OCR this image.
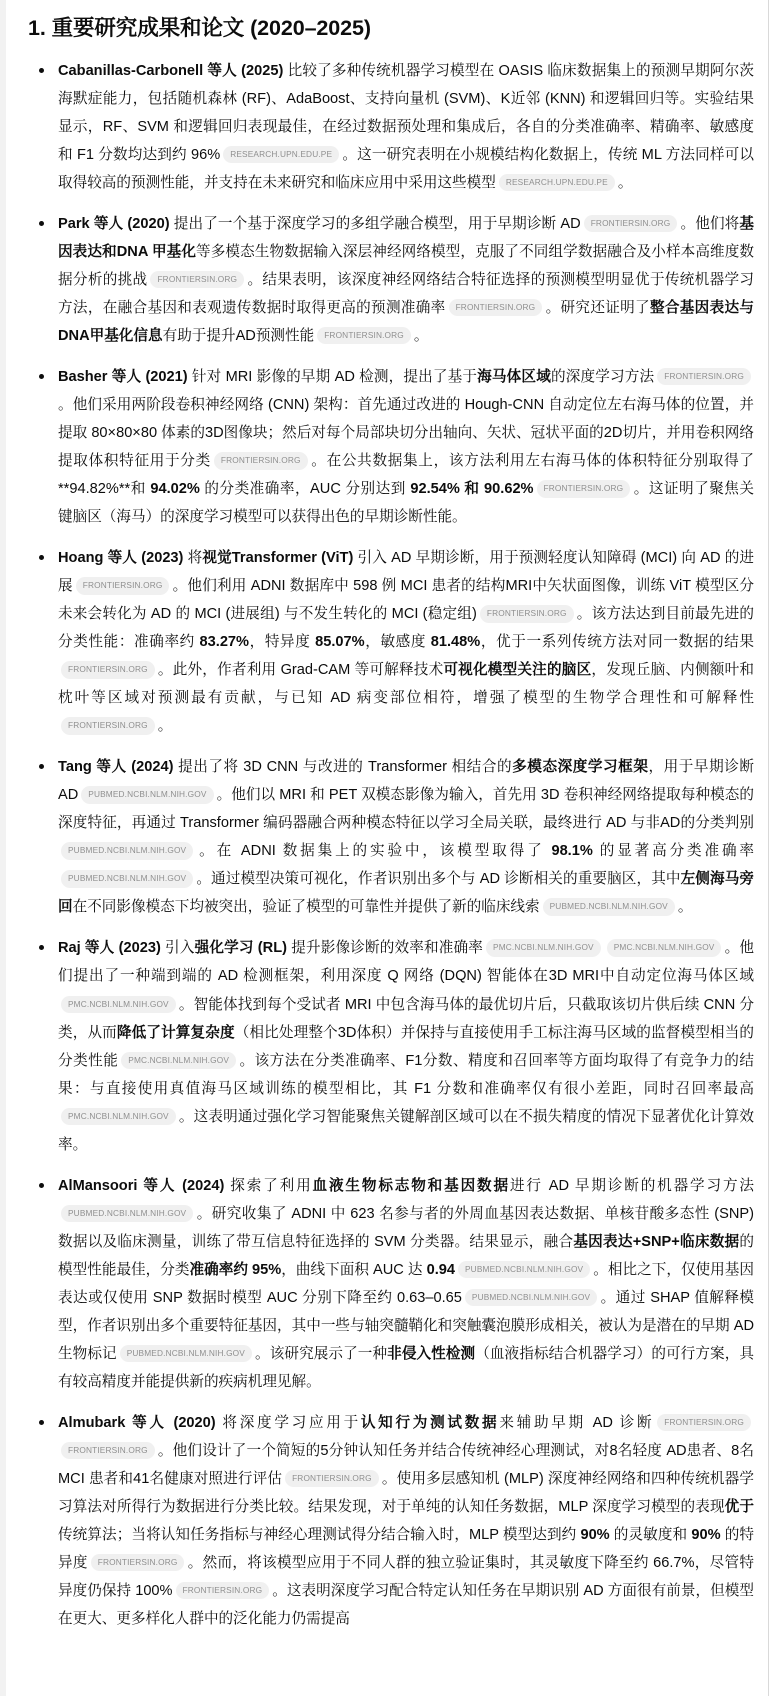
1. 重要研究成果和论文 (2020–2025)
Cabanillas-Carbonell 等人 (2025) 比较了多种传统机器学习模型在 OASIS 临床数据集上的预测早期阿尔茨海默症能力，包括随机森林 (RF)、AdaBoost、支持向量机 (SVM)、K近邻 (KNN) 和逻辑回归等。实验结果显示，RF、SVM 和逻辑回归表现最佳，在经过数据预处理和集成后，各自的分类准确率、精确率、敏感度和 F1 分数均达到约 96% RESEARCH.UPN.EDU.PE 。这一研究表明在小规模结构化数据上，传统 ML 方法同样可以取得较高的预测性能，并支持在未来研究和临床应用中采用这些模型 RESEARCH.UPN.EDU.PE 。
Park 等人 (2020) 提出了一个基于深度学习的多组学融合模型，用于早期诊断 AD FRONTIERSIN.ORG 。他们将基因表达和DNA 甲基化等多模态生物数据输入深层神经网络模型，克服了不同组学数据融合及小样本高维度数据分析的挑战 FRONTIERSIN.ORG 。结果表明，该深度神经网络结合特征选择的预测模型明显优于传统机器学习方法，在融合基因和表观遗传数据时取得更高的预测准确率 FRONTIERSIN.ORG 。研究还证明了整合基因表达与DNA甲基化信息有助于提升AD预测性能 FRONTIERSIN.ORG 。
Basher 等人 (2021) 针对 MRI 影像的早期 AD 检测，提出了基于海马体区域的深度学习方法 FRONTIERSIN.ORG。他们采用两阶段卷积神经网络 (CNN) 架构：首先通过改进的 Hough-CNN 自动定位左右海马体的位置，并提取 80×80×80 体素的3D图像块；然后对每个局部块切分出轴向、矢状、冠状平面的2D切片，并用卷积网络提取体积特征用于分类 FRONTIERSIN.ORG 。在公共数据集上，该方法利用左右海马体的体积特征分别取得了 **94.82%**和 94.02% 的分类准确率，AUC 分别达到 92.54% 和 90.62% FRONTIERSIN.ORG 。这证明了聚焦关键脑区（海马）的深度学习模型可以获得出色的早期诊断性能。
Hoang 等人 (2023) 将视觉Transformer (ViT) 引入 AD 早期诊断，用于预测轻度认知障碍 (MCI) 向 AD 的进展 FRONTIERSIN.ORG 。他们利用 ADNI 数据库中 598 例 MCI 患者的结构MRI中矢状面图像，训练 ViT 模型区分未来会转化为 AD 的 MCI (进展组) 与不发生转化的 MCI (稳定组) FRONTIERSIN.ORG 。该方法达到目前最先进的分类性能：准确率约 83.27%，特异度 85.07%，敏感度 81.48%，优于一系列传统方法对同一数据的结果FRONTIERSIN.ORG 。此外，作者利用 Grad-CAM 等可解释技术可视化模型关注的脑区，发现丘脑、内侧额叶和枕叶等区域对预测最有贡献，与已知 AD 病变部位相符，增强了模型的生物学合理性和可解释性FRONTIERSIN.ORG 。
Tang 等人 (2024) 提出了将 3D CNN 与改进的 Transformer 相结合的多模态深度学习框架，用于早期诊断 AD PUBMED.NCBI.NLM.NIH.GOV 。他们以 MRI 和 PET 双模态影像为输入，首先用 3D 卷积神经网络提取每种模态的深度特征，再通过 Transformer 编码器融合两种模态特征以学习全局关联，最终进行 AD 与非AD的分类判别PUBMED.NCBI.NLM.NIH.GOV 。在 ADNI 数据集上的实验中，该模型取得了 98.1% 的显著高分类准确率PUBMED.NCBI.NLM.NIH.GOV 。通过模型决策可视化，作者识别出多个与 AD 诊断相关的重要脑区，其中左侧海马旁回在不同影像模态下均被突出，验证了模型的可靠性并提供了新的临床线索 PUBMED.NCBI.NLM.NIH.GOV 。
Raj 等人 (2023) 引入强化学习 (RL) 提升影像诊断的效率和准确率 PMC.NCBI.NLM.NIH.GOV PMC.NCBI.NLM.NIH.GOV 。他们提出了一种端到端的 AD 检测框架，利用深度 Q 网络 (DQN) 智能体在3D MRI中自动定位海马体区域PMC.NCBI.NLM.NIH.GOV 。智能体找到每个受试者 MRI 中包含海马体的最优切片后，只截取该切片供后续 CNN 分类，从而降低了计算复杂度（相比处理整个3D体积）并保持与直接使用手工标注海马区域的监督模型相当的分类性能 PMC.NCBI.NLM.NIH.GOV 。该方法在分类准确率、F1分数、精度和召回率等方面均取得了有竞争力的结果：与直接使用真值海马区域训练的模型相比，其 F1 分数和准确率仅有很小差距，同时召回率最高PMC.NCBI.NLM.NIH.GOV 。这表明通过强化学习智能聚焦关键解剖区域可以在不损失精度的情况下显著优化计算效率。
AlMansoori 等人 (2024) 探索了利用血液生物标志物和基因数据进行 AD 早期诊断的机器学习方法PUBMED.NCBI.NLM.NIH.GOV 。研究收集了 ADNI 中 623 名参与者的外周血基因表达数据、单核苷酸多态性 (SNP) 数据以及临床测量，训练了带互信息特征选择的 SVM 分类器。结果显示，融合基因表达+SNP+临床数据的模型性能最佳，分类准确率约 95%，曲线下面积 AUC 达 0.94 PUBMED.NCBI.NLM.NIH.GOV 。相比之下，仅使用基因表达或仅使用 SNP 数据时模型 AUC 分别下降至约 0.63–0.65 PUBMED.NCBI.NLM.NIH.GOV 。通过 SHAP 值解释模型，作者识别出多个重要特征基因，其中一些与轴突髓鞘化和突触囊泡膜形成相关，被认为是潜在的早期 AD 生物标记 PUBMED.NCBI.NLM.NIH.GOV 。该研究展示了一种非侵入性检测（血液指标结合机器学习）的可行方案，具有较高精度并能提供新的疾病机理见解。
Almubark 等人 (2020) 将深度学习应用于认知行为测试数据来辅助早期 AD 诊断 FRONTIERSIN.ORGFRONTIERSIN.ORG 。他们设计了一个简短的5分钟认知任务并结合传统神经心理测试，对8名轻度 AD患者、8名 MCI 患者和41名健康对照进行评估 FRONTIERSIN.ORG 。使用多层感知机 (MLP) 深度神经网络和四种传统机器学习算法对所得行为数据进行分类比较。结果发现，对于单纯的认知任务数据，MLP 深度学习模型的表现优于传统算法；当将认知任务指标与神经心理测试得分结合输入时，MLP 模型达到约 90% 的灵敏度和 90% 的特异度 FRONTIERSIN.ORG 。然而，将该模型应用于不同人群的独立验证集时，其灵敏度下降至约 66.7%，尽管特异度仍保持 100% FRONTIERSIN.ORG 。这表明深度学习配合特定认知任务在早期识别 AD 方面很有前景，但模型在更大、更多样化人群中的泛化能力仍需提高
